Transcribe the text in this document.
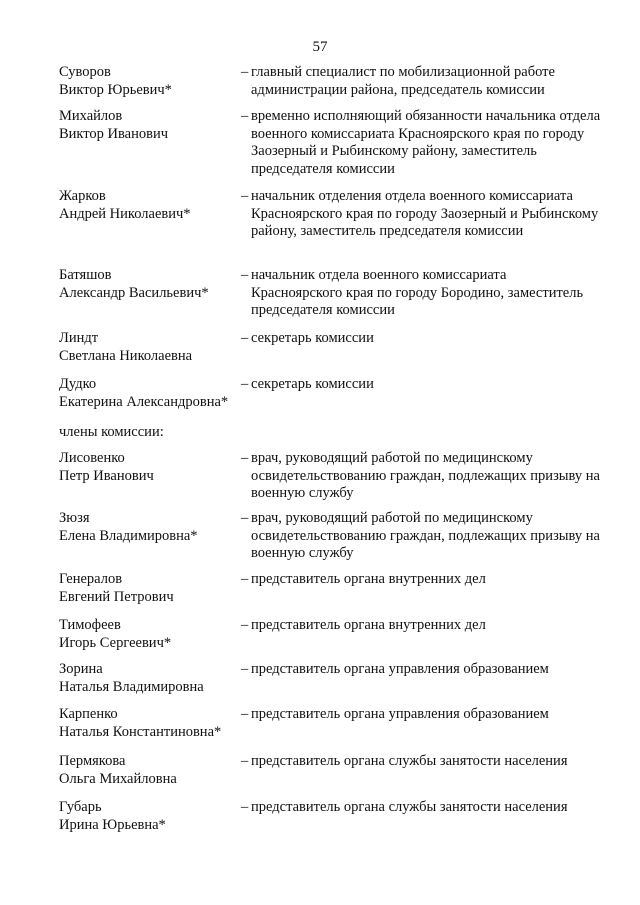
57
Суворов
Виктор Юрьевич*
– главный специалист по мобилизационной работе администрации района, председатель комиссии
Михайлов
Виктор Иванович
– временно исполняющий обязанности начальника отдела военного комиссариата Красноярского края по городу Заозерный и Рыбинскому району, заместитель председателя комиссии
Жарков
Андрей Николаевич*
– начальник отделения отдела военного комиссариата Красноярского края по городу Заозерный и Рыбинскому району, заместитель председателя комиссии
Батяшов
Александр Васильевич*
– начальник отдела военного комиссариата Красноярского края по городу Бородино, заместитель председателя комиссии
Линдт
Светлана Николаевна
– секретарь комиссии
Дудко
Екатерина Александровна*
– секретарь комиссии
члены комиссии:
Лисовенко
Петр Иванович
– врач, руководящий работой по медицинскому освидетельствованию граждан, подлежащих призыву на военную службу
Зюзя
Елена Владимировна*
– врач, руководящий работой по медицинскому освидетельствованию граждан, подлежащих призыву на военную службу
Генералов
Евгений Петрович
– представитель органа внутренних дел
Тимофеев
Игорь Сергеевич*
– представитель органа внутренних дел
Зорина
Наталья Владимировна
– представитель органа управления образованием
Карпенко
Наталья Константиновна*
– представитель органа управления образованием
Пермякова
Ольга Михайловна
– представитель органа службы занятости населения
Губарь
Ирина Юрьевна*
– представитель органа службы занятости населения
